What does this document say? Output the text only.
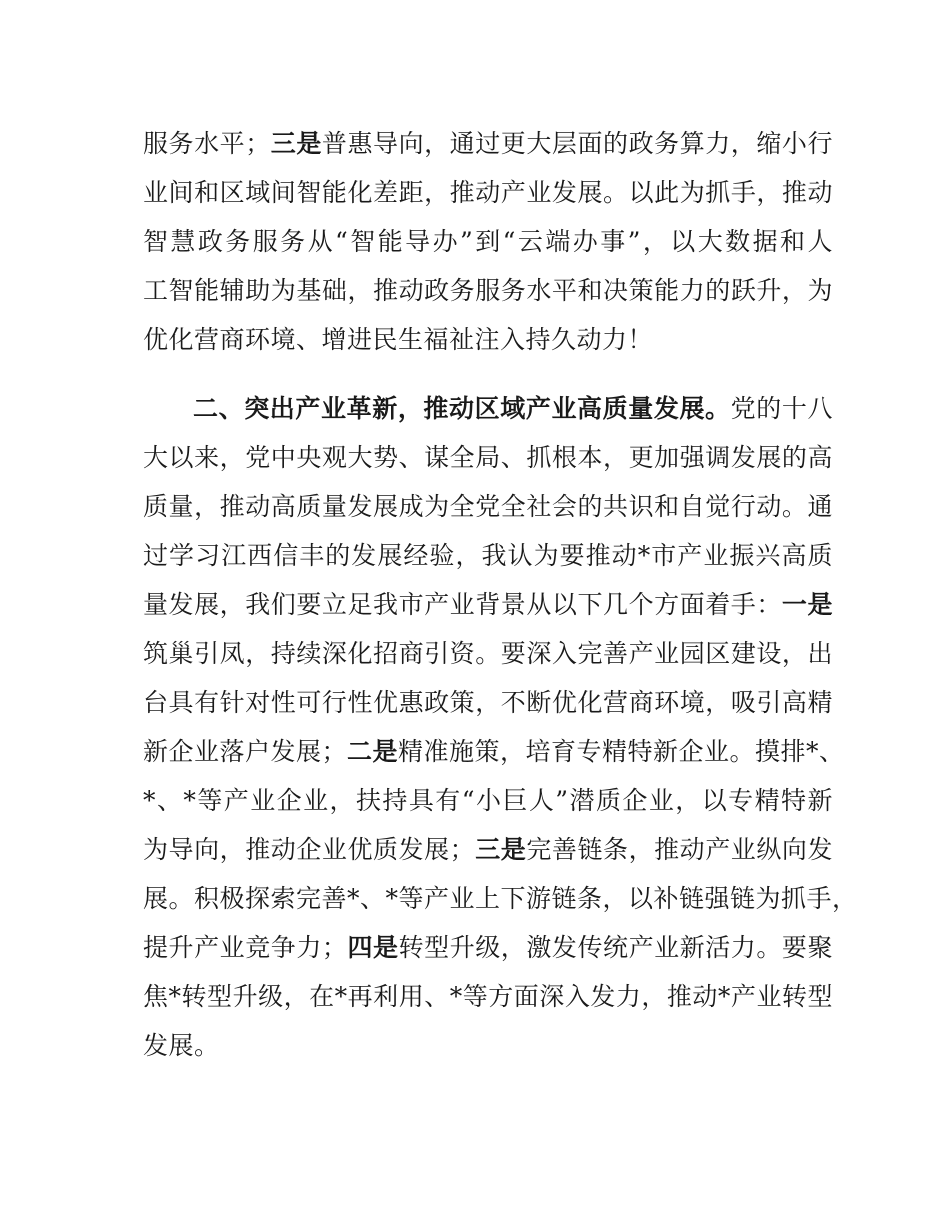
服务水平；三是普惠导向，通过更大层面的政务算力，缩小行
业间和区域间智能化差距，推动产业发展。以此为抓手，推动
智慧政务服务从“智能导办”到“云端办事”，以大数据和人
工智能辅助为基础，推动政务服务水平和决策能力的跃升，为
优化营商环境、增进民生福祉注入持久动力！
二、突出产业革新，推动区域产业高质量发展。党的十八
大以来，党中央观大势、谋全局、抓根本，更加强调发展的高
质量，推动高质量发展成为全党全社会的共识和自觉行动。通
过学习江西信丰的发展经验，我认为要推动*市产业振兴高质
量发展，我们要立足我市产业背景从以下几个方面着手：一是
筑巢引凤，持续深化招商引资。要深入完善产业园区建设，出
台具有针对性可行性优惠政策，不断优化营商环境，吸引高精
新企业落户发展；二是精准施策，培育专精特新企业。摸排*、
*、*等产业企业，扶持具有“小巨人”潜质企业，以专精特新
为导向，推动企业优质发展；三是完善链条，推动产业纵向发
展。积极探索完善*、*等产业上下游链条，以补链强链为抓手，
提升产业竞争力；四是转型升级，激发传统产业新活力。要聚
焦*转型升级，在*再利用、*等方面深入发力，推动*产业转型
发展。
